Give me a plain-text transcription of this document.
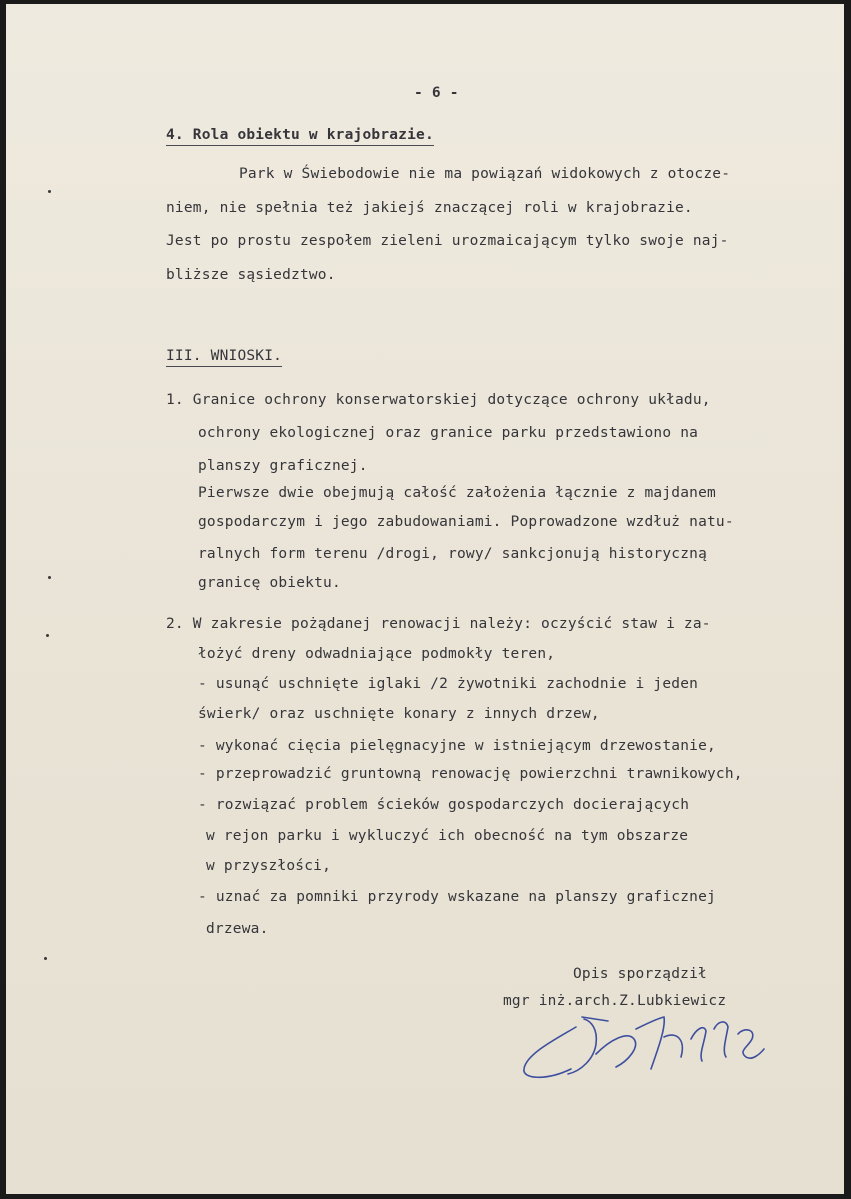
- 6 -
4. Rola obiektu w krajobrazie.
Park w Świebodowie nie ma powiązań widokowych z otocze-
niem, nie spełnia też jakiejś znaczącej roli w krajobrazie.
Jest po prostu zespołem zieleni urozmaicającym tylko swoje naj-
bliższe sąsiedztwo.
III. WNIOSKI.
1. Granice ochrony konserwatorskiej dotyczące ochrony układu,
ochrony ekologicznej oraz granice parku przedstawiono na
planszy graficznej.
Pierwsze dwie obejmują całość założenia łącznie z majdanem
gospodarczym i jego zabudowaniami. Poprowadzone wzdłuż natu-
ralnych form terenu /drogi, rowy/ sankcjonują historyczną
granicę obiektu.
2. W zakresie pożądanej renowacji należy: oczyścić staw i za-
łożyć dreny odwadniające podmokły teren,
- usunąć uschnięte iglaki /2 żywotniki zachodnie i jeden
świerk/ oraz uschnięte konary z innych drzew,
- wykonać cięcia pielęgnacyjne w istniejącym drzewostanie,
- przeprowadzić gruntowną renowację powierzchni trawnikowych,
- rozwiązać problem ścieków gospodarczych docierających
w rejon parku i wykluczyć ich obecność na tym obszarze
w przyszłości,
- uznać za pomniki przyrody wskazane na planszy graficznej
drzewa.
Opis sporządził
mgr inż.arch.Z.Lubkiewicz
